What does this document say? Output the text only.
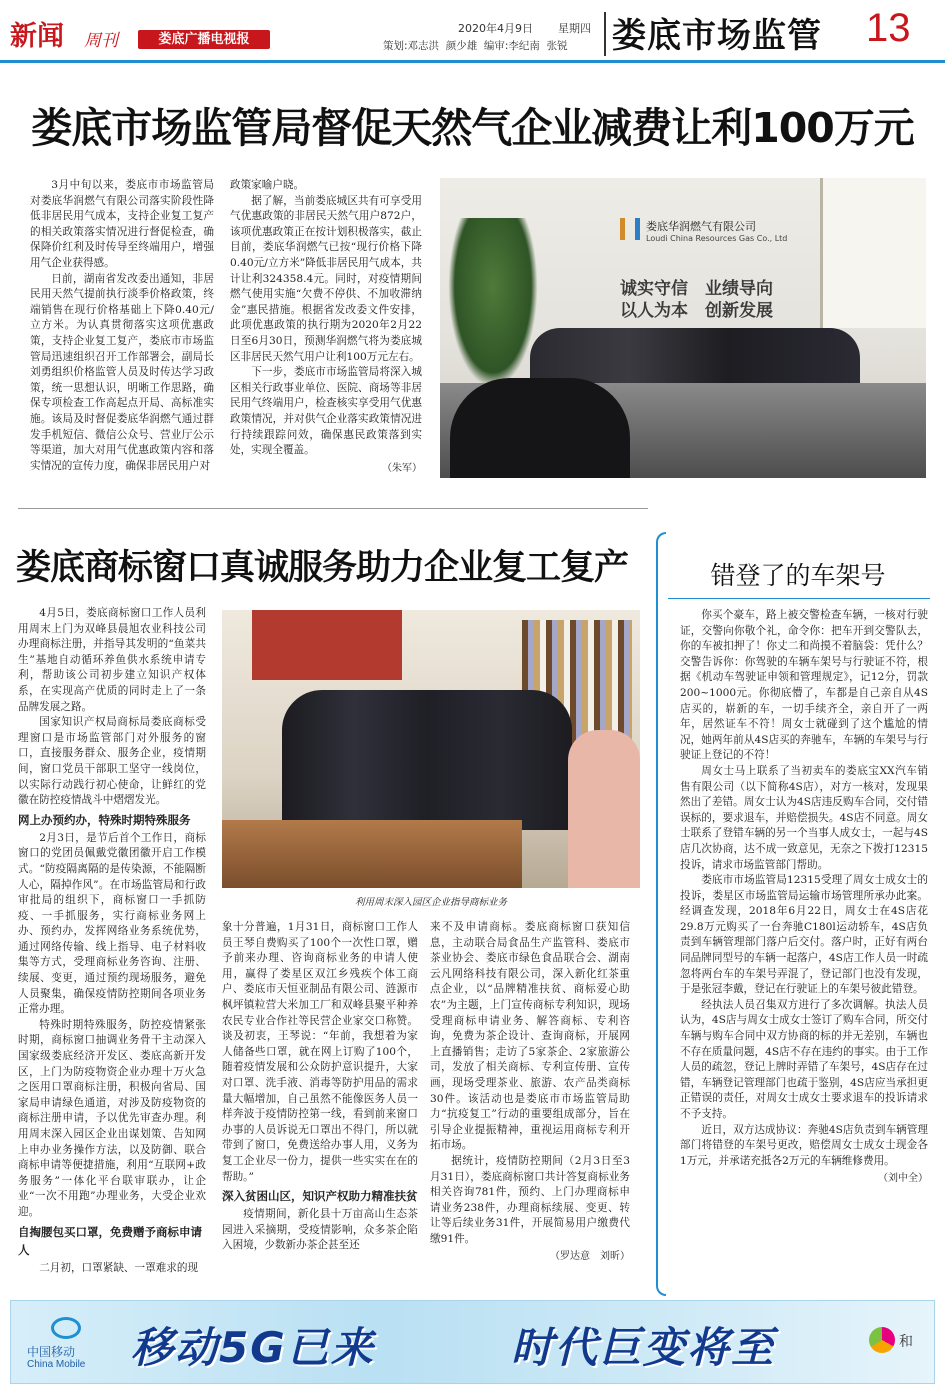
新闻 周刊	娄底广播电视报
2020年4月9日 星期四
策划:邓志洪  颜少雄  编审:李纪南  张锐 娄底市场监管 13
娄底市场监管局督促天然气企业减费让利100万元

3月中旬以来，娄底市市场监管局对娄底华润燃气有限公司落实阶段性降低非居民用气成本，支持企业复工复产的相关政策落实情况进行督促检查，确保降价红利及时传导至终端用户，增强用气企业获得感。

日前，湖南省发改委出通知，非居民用天然气提前执行淡季价格政策，终端销售在现行价格基础上下降0.40元/立方米。为认真贯彻落实这项优惠政策，支持企业复工复产，娄底市市场监管局迅速组织召开工作部署会，副局长刘勇组织价格监管人员及时传达学习政策，统一思想认识，明晰工作思路，确保专项检查工作高起点开局、高标准实施。该局及时督促娄底华润燃气通过群发手机短信、微信公众号、营业厅公示等渠道，加大对用气优惠政策内容和落实情况的宣传力度，确保非居民用户对

政策家喻户晓。

据了解，当前娄底城区共有可享受用气优惠政策的非居民天然气用户872户，该项优惠政策正在按计划积极落实，截止目前，娄底华润燃气已按“现行价格下降0.40元/立方米”降低非居民用气成本，共计让利324358.4元。同时，对疫情期间燃气使用实施“欠费不停供、不加收滞纳金”惠民措施。根据省发改委文件安排，此项优惠政策的执行期为2020年2月22日至6月30日，预测华润燃气将为娄底城区非居民天然气用户让利100万元左右。

下一步，娄底市市场监管局将深入城区相关行政事业单位、医院、商场等非居民用气终端用户，检查核实享受用气优惠政策情况，并对供气企业落实政策情况进行持续跟踪问效，确保惠民政策落到实处，实现全覆盖。

（朱军）
娄底华润燃气有限公司
Loudi China Resources Gas Co., Ltd
诚实守信　业绩导向
以人为本　创新发展
娄底商标窗口真诚服务助力企业复工复产

4月5日，娄底商标窗口工作人员利用周末上门为双峰县晨旭农业科技公司办理商标注册，并指导其发明的“鱼菜共生”基地自动循环养鱼供水系统申请专利，帮助该公司初步建立知识产权体系，在实现高产优质的同时走上了一条品牌发展之路。

国家知识产权局商标局娄底商标受理窗口是市场监管部门对外服务的窗口，直接服务群众、服务企业，疫情期间，窗口党员干部职工坚守一线岗位，以实际行动践行初心使命，让鲜红的党徽在防控疫情战斗中熠熠发光。

网上办预约办，特殊时期特殊服务

2月3日，是节后首个工作日，商标窗口的党团员佩戴党徽团徽开启工作模式。“防疫隔离隔的是传染源，不能隔断人心，隔掉作风”。在市场监管局和行政审批局的组织下，商标窗口一手抓防疫、一手抓服务，实行商标业务网上办、预约办，发挥网络业务系统优势，通过网络传输、线上指导、电子材料收集等方式，受理商标业务咨询、注册、续展、变更，通过预约现场服务，避免人员聚集，确保疫情防控期间各项业务正常办理。

特殊时期特殊服务，防控疫情紧张时期，商标窗口抽调业务骨干主动深入国家级娄底经济开发区、娄底高新开发区，上门为防疫物资企业办理十万火急之医用口罩商标注册，积极向省局、国家局申请绿色通道，对涉及防疫物资的商标注册申请，予以优先审查办理。利用周末深入园区企业出谋划策、告知网上申办业务操作方法，以及防御、联合商标申请等便捷措施，利用“互联网+政务服务”一体化平台联审联办，让企业“一次不用跑”办理业务，大受企业欢迎。

自掏腰包买口罩，免费赠予商标申请人

二月初，口罩紧缺、一罩难求的现

利用周末深入园区企业指导商标业务

象十分普遍，1月31日，商标窗口工作人员王琴自费购买了100个一次性口罩，赠予前来办理、咨询商标业务的申请人使用，赢得了娄星区双江乡残疾个体工商户、娄底市天恒亚制品有限公司、涟源市枫坪镇粒营大米加工厂和双峰县聚平种养农民专业合作社等民营企业家交口称赞。谈及初衷，王琴说：“年前，我想着为家人储备些口罩，就在网上订购了100个，随着疫情发展和公众防护意识提升，大家对口罩、洗手液、消毒等防护用品的需求量大幅增加，自己虽然不能像医务人员一样奔波于疫情防控第一线，看到前来窗口办事的人员诉说无口罩出不得门，所以就带到了窗口，免费送给办事人用，义务为复工企业尽一份力，提供一些实实在在的帮助。”

深入贫困山区，知识产权助力精准扶贫

疫情期间，新化县十万亩高山生态茶园进入采摘期，受疫情影响，众多茶企陷入困境，少数新办茶企甚至还

来不及申请商标。娄底商标窗口获知信息，主动联合局食品生产监管科、娄底市茶业协会、娄底市绿色食品联合会、湖南云凡网络科技有限公司，深入新化红茶重点企业，以“品牌精准扶贫、商标爱心助农”为主题，上门宣传商标专利知识，现场受理商标申请业务、解答商标、专利咨询，免费为茶企设计、查询商标，开展网上直播销售；走访了5家茶企、2家旅游公司，发放了相关商标、专利宣传册、宣传画，现场受理茶业、旅游、农产品类商标30件。该活动也是娄底市市场监管局助力“抗疫复工”行动的重要组成部分，旨在引导企业提振精神，重视运用商标专利开拓市场。

据统计，疫情防控期间（2月3日至3月31日），娄底商标窗口共计答复商标业务相关咨询781件，预约、上门办理商标申请业务238件，办理商标续展、变更、转让等后续业务31件，开展简易用户缴费代缴91件。

（罗达意　刘昕）
错登了的车架号

你买个豪车，路上被交警检查车辆，一核对行驶证，交警向你敬个礼，命令你：把车开到交警队去，你的车被扣押了！你丈二和尚摸不着脑袋：凭什么？交警告诉你：你驾驶的车辆车架号与行驶证不符，根据《机动车驾驶证申领和管理规定》，记12分，罚款200~1000元。你彻底懵了，车都是自己亲自从4S店买的，崭新的车，一切手续齐全，亲自开了一两年，居然证车不符！周女士就碰到了这个尴尬的情况，她两年前从4S店买的奔驰车，车辆的车架号与行驶证上登记的不符！

周女士马上联系了当初卖车的娄底宝XX汽车销售有限公司（以下简称4S店），对方一核对，发现果然出了差错。周女士认为4S店违反购车合同，交付错误标的，要求退车，并赔偿损失。4S店不同意。周女士联系了登错车辆的另一个当事人成女士，一起与4S店几次协商，达不成一致意见，无奈之下拨打12315投诉，请求市场监管部门帮助。

娄底市市场监管局12315受理了周女士成女士的投诉，娄星区市场监管局运输市场管理所承办此案。经调查发现，2018年6月22日，周女士在4S店花29.8万元购买了一台奔驰C180l运动轿车，4S店负责到车辆管理部门落户后交付。落户时，正好有两台同品牌同型号的车辆一起落户，4S店工作人员一时疏忽将两台车的车架号弄混了，登记部门也没有发现，于是张冠李戴，登记在行驶证上的车架号彼此错登。

经执法人员召集双方进行了多次调解。执法人员认为，4S店与周女士成女士签订了购车合同，所交付车辆与购车合同中双方协商的标的并无差别，车辆也不存在质量问题，4S店不存在违约的事实。由于工作人员的疏忽，登记上牌时弄错了车架号，4S店存在过错，车辆登记管理部门也疏于鉴别，4S店应当承担更正错误的责任，对周女士成女士要求退车的投诉请求不予支持。

近日，双方达成协议：奔驰4S店负责到车辆管理部门将错登的车架号更改，赔偿周女士成女士现金各1万元，并承诺充抵各2万元的车辆维修费用。

（刘中全）
中国移动
China Mobile 移动5G已来	时代巨变将至	和
